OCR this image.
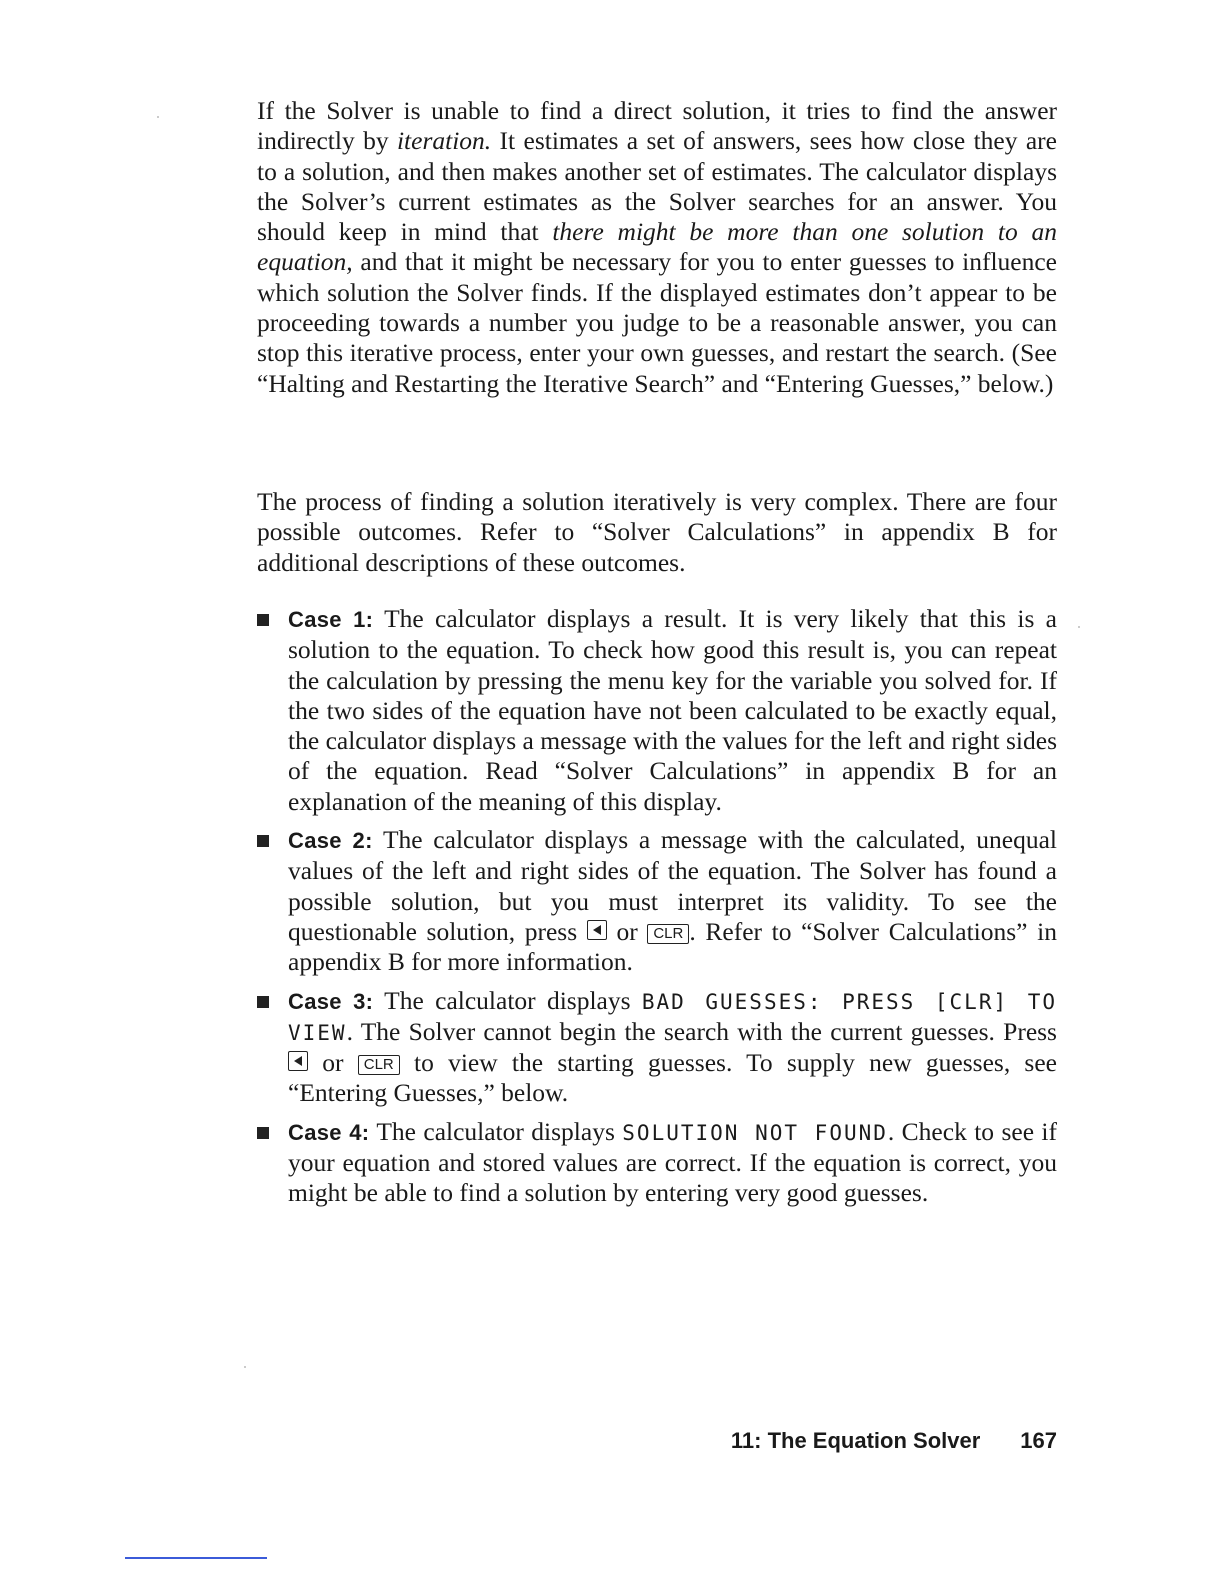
If the Solver is unable to find a direct solution, it tries to find the answer indirectly by iteration. It estimates a set of answers, sees how close they are to a solution, and then makes another set of estimates. The calculator displays the Solver’s current estimates as the Solver searches for an answer. You should keep in mind that there might be more than one solution to an equation, and that it might be necessary for you to enter guesses to influence which solution the Solver finds. If the displayed estimates don’t appear to be proceeding towards a number you judge to be a reasonable answer, you can stop this iterative process, enter your own guesses, and restart the search. (See “Halting and Restarting the Iterative Search” and “Entering Guesses,” below.)

The process of finding a solution iteratively is very complex. There are four possible outcomes. Refer to “Solver Calculations” in appendix B for additional descriptions of these outcomes.

Case 1: The calculator displays a result. It is very likely that this is a solution to the equation. To check how good this result is, you can repeat the calculation by pressing the menu key for the variable you solved for. If the two sides of the equation have not been calculated to be exactly equal, the calculator displays a message with the values for the left and right sides of the equation. Read “Solver Calculations” in appendix B for an explanation of the meaning of this display.
Case 2: The calculator displays a message with the calculated, unequal values of the left and right sides of the equation. The Solver has found a possible solution, but you must interpret its validity. To see the questionable solution, press  or CLR . Refer to “Solver Calculations” in appendix B for more information.
Case 3: The calculator displays BAD GUESSES: PRESS [CLR] TO VIEW. The Solver cannot begin the search with the current guesses. Press  or CLR to view the starting guesses. To supply new guesses, see “Entering Guesses,” below.
Case 4: The calculator displays SOLUTION NOT FOUND. Check to see if your equation and stored values are correct. If the equation is correct, you might be able to find a solution by entering very good guesses.
11: The Equation Solver 167
